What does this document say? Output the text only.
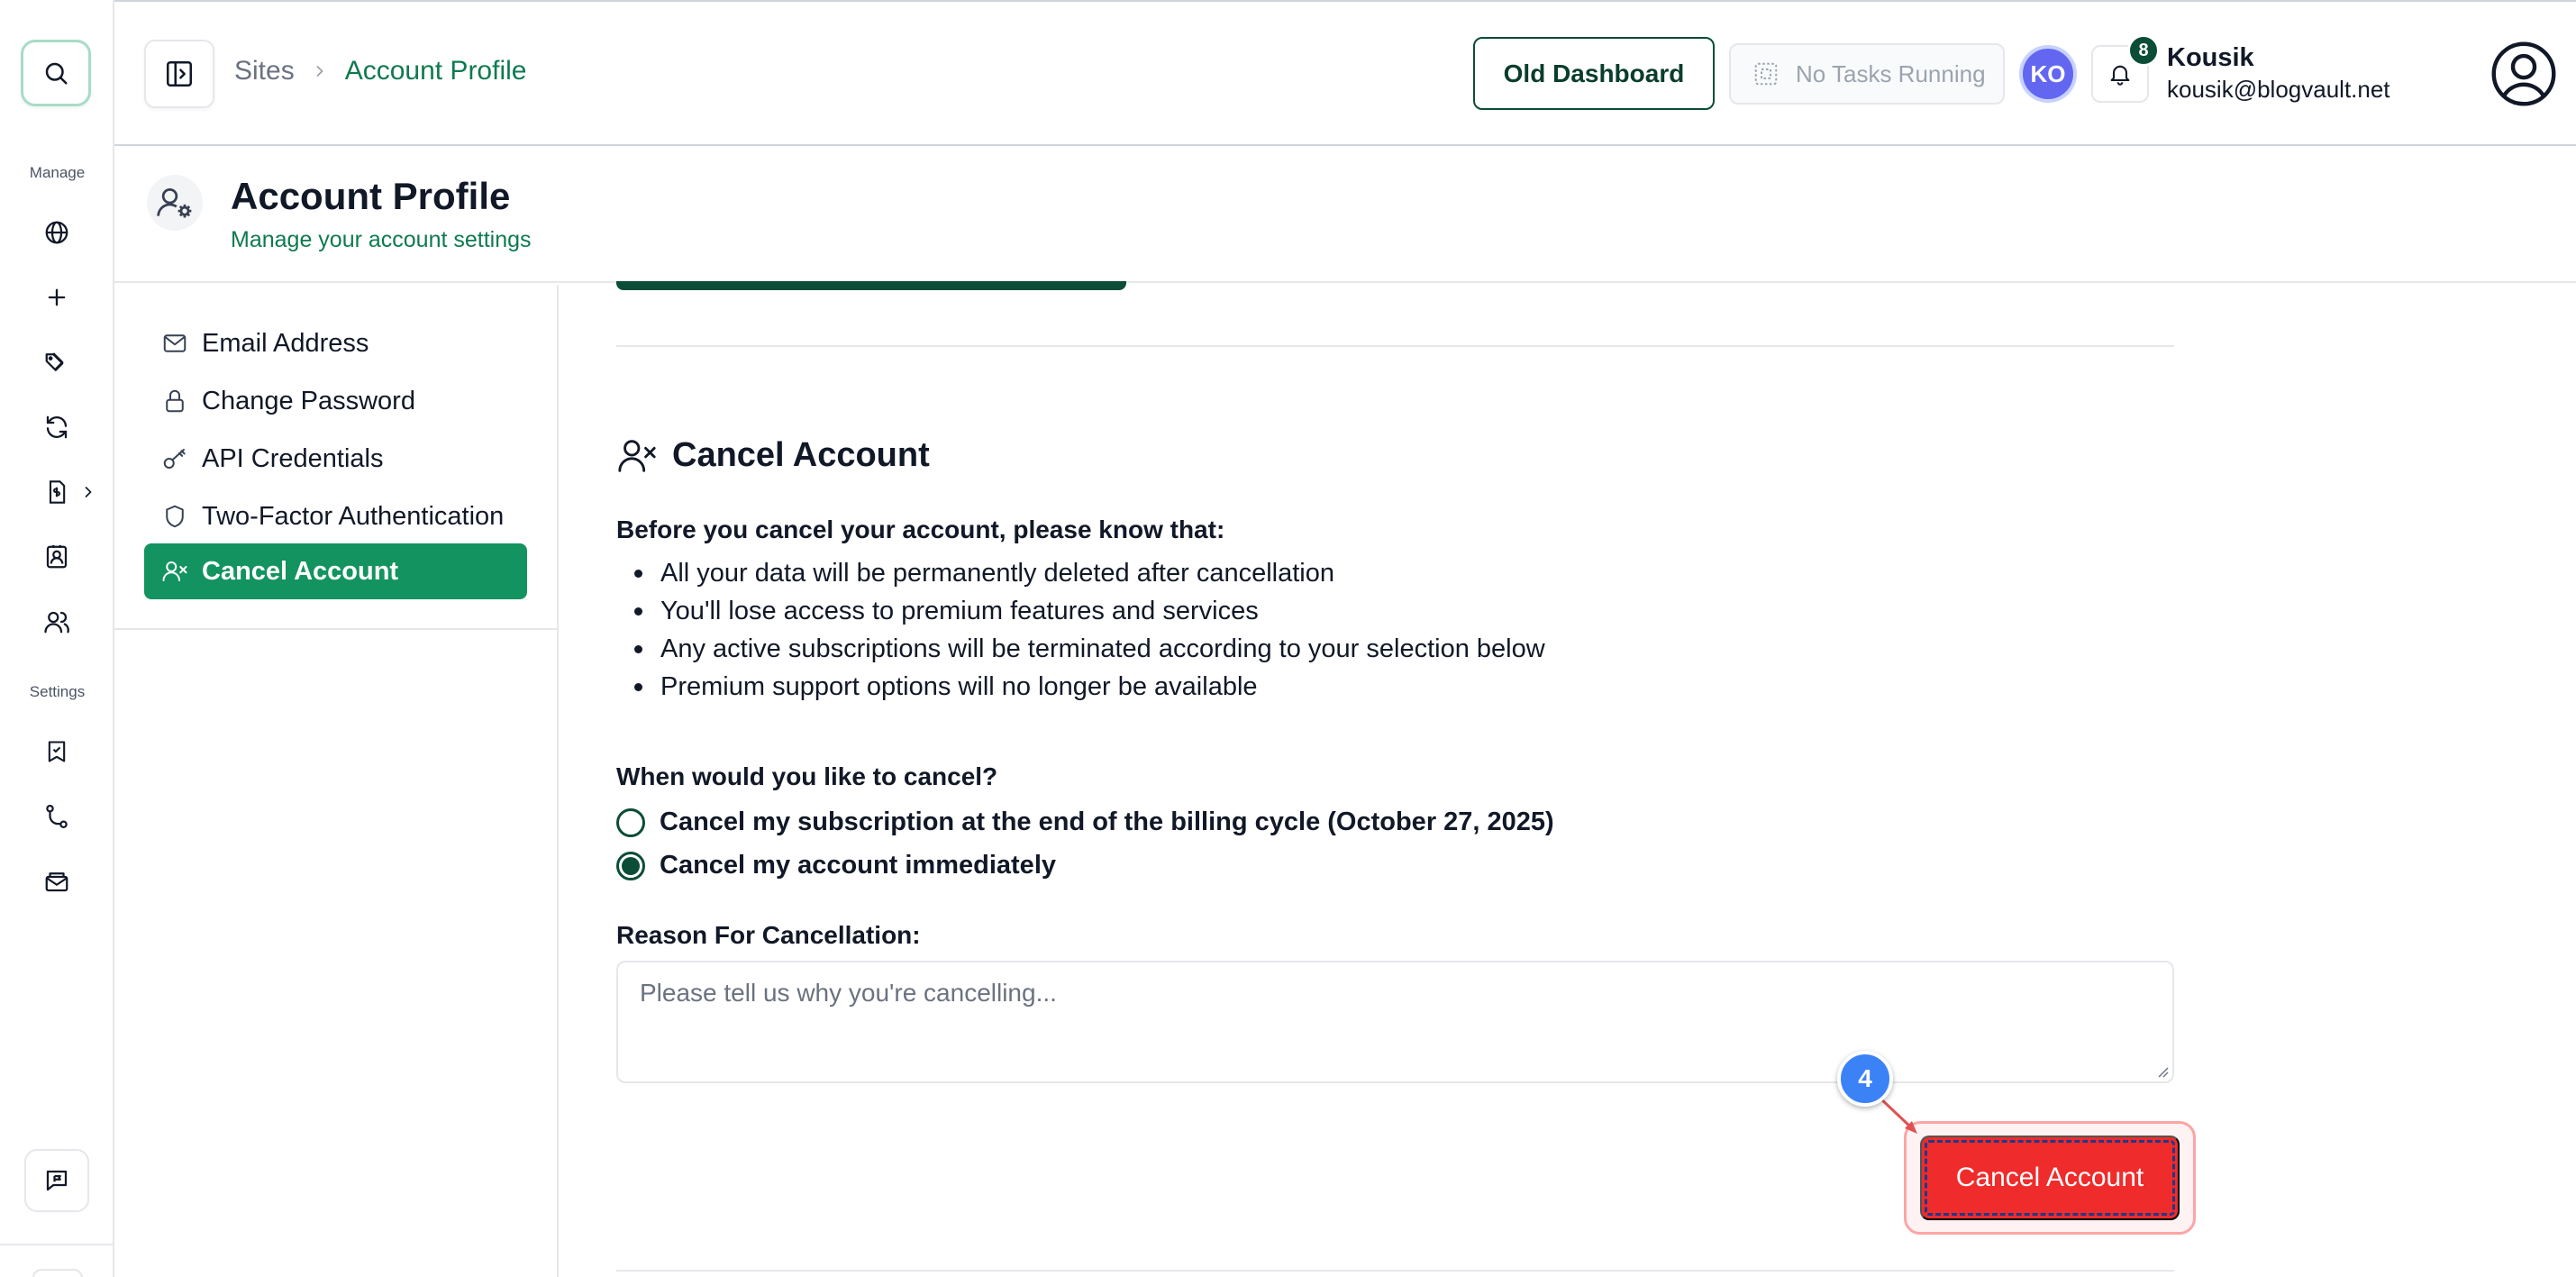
Manage
Settings
Sites Account Profile	Old Dashboard	No Tasks Running	KO
8 Kousik
kousik@blogvault.net
Account Profile
Manage your account settings
Email Address
Change Password
API Credentials
Two-Factor Authentication
Cancel Account
Cancel Account

Before you cancel your account, please know that:

All your data will be permanently deleted after cancellation
You'll lose access to premium features and services
Any active subscriptions will be terminated according to your selection below
Premium support options will no longer be available

When would you like to cancel?

Cancel my subscription at the end of the billing cycle (October 27, 2025)
Cancel my account immediately

Reason For Cancellation:

Please tell us why you're cancelling...
Cancel Account
4
